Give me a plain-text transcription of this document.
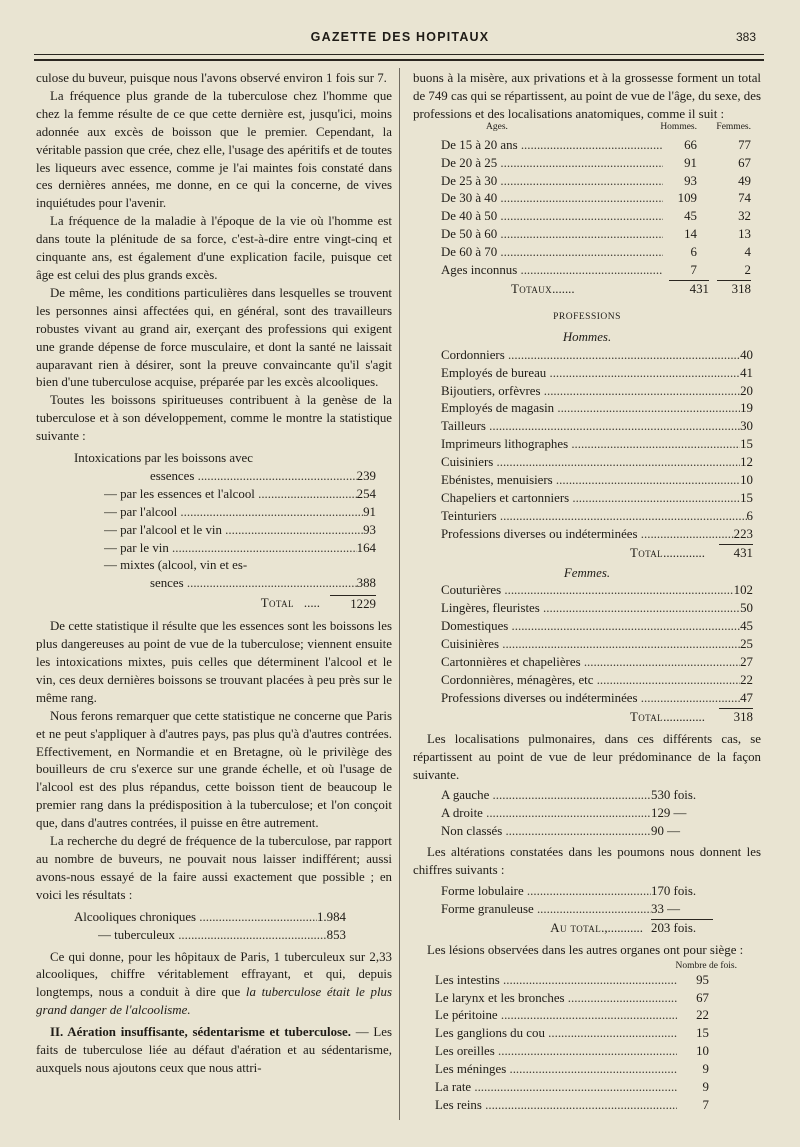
GAZETTE DES HOPITAUX	383

culose du buveur, puisque nous l'avons observé environ 1 fois sur 7.

La fréquence plus grande de la tuberculose chez l'homme que chez la femme résulte de ce que cette dernière est, jusqu'ici, moins adonnée aux excès de boisson que le premier. Cependant, la véritable passion que crée, chez elle, l'usage des apéritifs et de toutes les liqueurs avec essence, comme je l'ai maintes fois constaté dans ces dernières années, me donne, en ce qui la concerne, de vives inquiétudes pour l'avenir.

La fréquence de la maladie à l'époque de la vie où l'homme est dans toute la plénitude de sa force, c'est-à-dire entre vingt-cinq et cinquante ans, est également d'une explication facile, puisque cet âge est celui des plus grands excès.

De même, les conditions particulières dans lesquelles se trouvent les personnes ainsi affectées qui, en général, sont des travailleurs robustes vivant au grand air, exerçant des professions qui exigent une grande dépense de force musculaire, et dont la santé ne laissait auparavant rien à désirer, sont la preuve convaincante qu'il s'agit bien d'une tuberculose acquise, préparée par les excès alcooliques.

Toutes les boissons spiritueuses contribuent à la genèse de la tuberculose et à son développement, comme le montre la statistique suivante :

Intoxications par les boissons avec
essences .....	239
— par les essences et l'alcool .....	254
— par l'alcool .....	91
— par l'alcool et le vin .....	93
— par le vin .....	164
— mixtes (alcool, vin et es-
sences .....	388
Total .....	1229

De cette statistique il résulte que les essences sont les boissons les plus dangereuses au point de vue de la tuberculose; viennent ensuite les intoxications mixtes, puis celles que déterminent l'alcool et le vin, ces deux dernières boissons se trouvant placées à peu près sur le même rang.

Nous ferons remarquer que cette statistique ne concerne que Paris et ne peut s'appliquer à d'autres pays, pas plus qu'à d'autres contrées. Effectivement, en Normandie et en Bretagne, où le privilège des bouilleurs de cru s'exerce sur une grande échelle, et où l'usage de l'alcool est des plus répandus, cette boisson tient de beaucoup le premier rang dans la prédisposition à la tuberculose; et l'on conçoit que, dans d'autres contrées, il puisse en être autrement.

La recherche du degré de fréquence de la tuberculose, par rapport au nombre de buveurs, ne pouvait nous laisser indifférent; aussi avons-nous essayé de la faire aussi exactement que possible ; en voici les résultats :

Alcooliques chroniques .....	1.984
— tuberculeux .....	853

Ce qui donne, pour les hôpitaux de Paris, 1 tuberculeux sur 2,33 alcooliques, chiffre véritablement effrayant, et qui, depuis longtemps, nous a conduit à dire que la tuberculose était le plus grand danger de l'alcoolisme.

II. Aération insuffisante, sédentarisme et tuberculose. — Les faits de tuberculose liée au défaut d'aération et au sédentarisme, auxquels nous ajoutons ceux que nous attri-

buons à la misère, aux privations et à la grossesse forment un total de 749 cas qui se répartissent, au point de vue de l'âge, du sexe, des professions et des localisations anatomiques, comme il suit :

Ages.	Hommes.	Femmes.
De 15 à 20 ans .....	66	77
De 20 à 25 .....	91	67
De 25 à 30 .....	93	49
De 30 à 40 .....	109	74
De 40 à 50 .....	45	32
De 50 à 60 .....	14	13
De 60 à 70 .....	6	4
Ages inconnus .....	7	2
Totaux.......	431	318
PROFESSIONS
Hommes.
Cordonniers .....	40
Employés de bureau .....	41
Bijoutiers, orfèvres .....	20
Employés de magasin .....	19
Tailleurs .....	30
Imprimeurs lithographes .....	15
Cuisiniers .....	12
Ebénistes, menuisiers .....	10
Chapeliers et cartonniers .....	15
Teinturiers .....	6
Professions diverses ou indéterminées .....	223
Total.............	431
Femmes.
Couturières .....	102
Lingères, fleuristes .....	50
Domestiques .....	45
Cuisinières .....	25
Cartonnières et chapelières .....	27
Cordonnières, ménagères, etc .....	22
Professions diverses ou indéterminées .....	47
Total.............	318

Les localisations pulmonaires, dans ces différents cas, se répartissent au point de vue de leur prédominance de la façon suivante.

A gauche .....	530 fois.
A droite .....	129 —
Non classés .....	90 —

Les altérations constatées dans les poumons nous donnent les chiffres suivants :

Forme lobulaire .....	170 fois.
Forme granuleuse .....	33 —
Au total.,........... 203 fois.

Les lésions observées dans les autres organes ont pour siège :

Nombre de fois.
Les intestins .....	95
Le larynx et les bronches .....	67
Le péritoine .....	22
Les ganglions du cou .....	15
Les oreilles .....	10
Les méninges .....	9
La rate .....	9
Les reins .....	7
